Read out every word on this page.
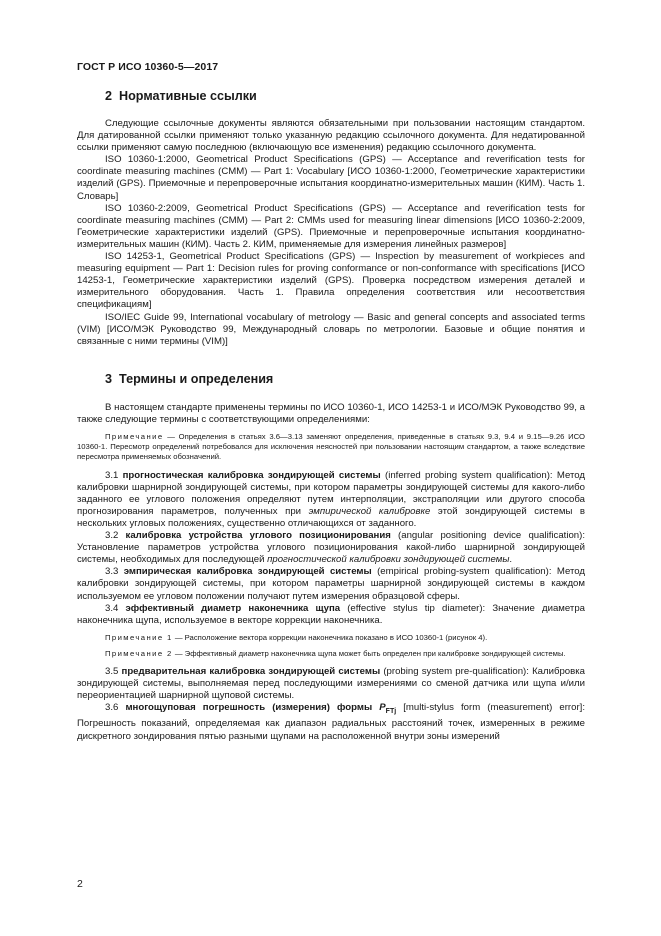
ГОСТ Р ИСО 10360-5—2017
2 Нормативные ссылки

Следующие ссылочные документы являются обязательными при пользовании настоящим стандартом. Для датированной ссылки применяют только указанную редакцию ссылочного документа. Для недатированной ссылки применяют самую последнюю (включающую все изменения) редакцию ссылочного документа.

ISO 10360-1:2000, Geometrical Product Specifications (GPS) — Acceptance and reverification tests for coordinate measuring machines (CMM) — Part 1: Vocabulary [ИСО 10360-1:2000, Геометрические характеристики изделий (GPS). Приемочные и перепроверочные испытания координатно-измерительных машин (КИМ). Часть 1. Словарь]

ISO 10360-2:2009, Geometrical Product Specifications (GPS) — Acceptance and reverification tests for coordinate measuring machines (CMM) — Part 2: CMMs used for measuring linear dimensions [ИСО 10360-2:2009, Геометрические характеристики изделий (GPS). Приемочные и перепроверочные испытания координатно-измерительных машин (КИМ). Часть 2. КИМ, применяемые для измерения линейных размеров]

ISO 14253-1, Geometrical Product Specifications (GPS) — Inspection by measurement of workpieces and measuring equipment — Part 1: Decision rules for proving conformance or non-conformance with specifications [ИСО 14253-1, Геометрические характеристики изделий (GPS). Проверка посредством измерения деталей и измерительного оборудования. Часть 1. Правила определения соответствия или несоответствия спецификациям]

ISO/IEC Guide 99, International vocabulary of metrology — Basic and general concepts and associated terms (VIM) [ИСО/МЭК Руководство 99, Международный словарь по метрологии. Базовые и общие понятия и связанные с ними термины (VIM)]

3 Термины и определения

В настоящем стандарте применены термины по ИСО 10360-1, ИСО 14253-1 и ИСО/МЭК Руководство 99, а также следующие термины с соответствующими определениями:

Примечание — Определения в статьях 3.6—3.13 заменяют определения, приведенные в статьях 9.3, 9.4 и 9.15—9.26 ИСО 10360-1. Пересмотр определений потребовался для исключения неясностей при пользовании настоящим стандартом, а также вследствие пересмотра применяемых обозначений.

3.1 прогностическая калибровка зондирующей системы (inferred probing system qualification): Метод калибровки шарнирной зондирующей системы, при котором параметры зондирующей системы для какого-либо заданного ее углового положения определяют путем интерполяции, экстраполяции или другого способа прогнозирования параметров, полученных при эмпирической калибровке этой зондирующей системы в нескольких угловых положениях, существенно отличающихся от заданного.

3.2 калибровка устройства углового позиционирования (angular positioning device qualification): Установление параметров устройства углового позиционирования какой-либо шарнирной зондирующей системы, необходимых для последующей прогностической калибровки зондирующей системы.

3.3 эмпирическая калибровка зондирующей системы (empirical probing-system qualification): Метод калибровки зондирующей системы, при котором параметры шарнирной зондирующей системы в каждом используемом ее угловом положении получают путем измерения образцовой сферы.

3.4 эффективный диаметр наконечника щупа (effective stylus tip diameter): Значение диаметра наконечника щупа, используемое в векторе коррекции наконечника.

Примечание 1 — Расположение вектора коррекции наконечника показано в ИСО 10360-1 (рисунок 4).

Примечание 2 — Эффективный диаметр наконечника щупа может быть определен при калибровке зондирующей системы.

3.5 предварительная калибровка зондирующей системы (probing system pre-qualification): Калибровка зондирующей системы, выполняемая перед последующими измерениями со сменой датчика или щупа и/или переориентацией шарнирной щуповой системы.

3.6 многощуповая погрешность (измерения) формы $P_{FTj}$ [multi-stylus form (measurement) error]: Погрешность показаний, определяемая как диапазон радиальных расстояний точек, измеренных в режиме дискретного зондирования пятью разными щупами на расположенной внутри зоны измерений

2
